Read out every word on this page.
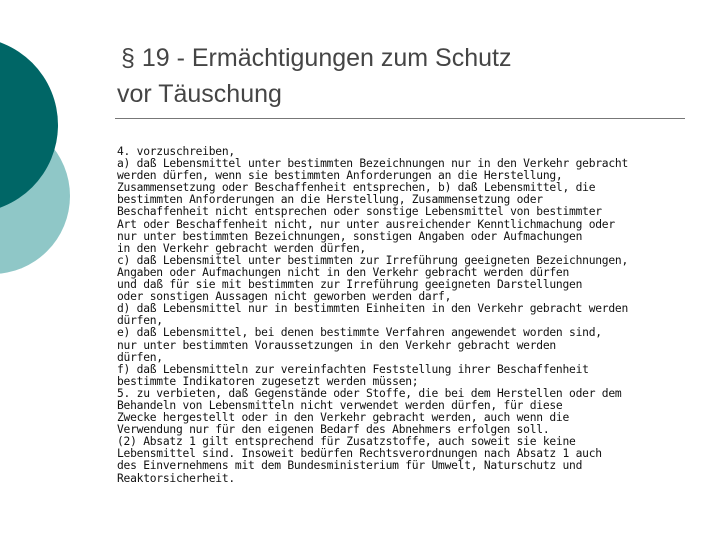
§ 19 - Ermächtigungen zum Schutz
vor Täuschung

4. vorzuschreiben,

a) daß Lebensmittel unter bestimmten Bezeichnungen nur in den Verkehr gebracht
werden dürfen, wenn sie bestimmten Anforderungen an die Herstellung,
Zusammensetzung oder Beschaffenheit entsprechen, b) daß Lebensmittel, die
bestimmten Anforderungen an die Herstellung, Zusammensetzung oder
Beschaffenheit nicht entsprechen oder sonstige Lebensmittel von bestimmter
Art oder Beschaffenheit nicht, nur unter ausreichender Kenntlichmachung oder
nur unter bestimmten Bezeichnungen, sonstigen Angaben oder Aufmachungen
in den Verkehr gebracht werden dürfen,

c) daß Lebensmittel unter bestimmten zur Irreführung geeigneten Bezeichnungen,
Angaben oder Aufmachungen nicht in den Verkehr gebracht werden dürfen
und daß für sie mit bestimmten zur Irreführung geeigneten Darstellungen
oder sonstigen Aussagen nicht geworben werden darf,

d) daß Lebensmittel nur in bestimmten Einheiten in den Verkehr gebracht werden
dürfen,

e) daß Lebensmittel, bei denen bestimmte Verfahren angewendet worden sind,
nur unter bestimmten Voraussetzungen in den Verkehr gebracht werden
dürfen,

f) daß Lebensmitteln zur vereinfachten Feststellung ihrer Beschaffenheit
bestimmte Indikatoren zugesetzt werden müssen;

5. zu verbieten, daß Gegenstände oder Stoffe, die bei dem Herstellen oder dem
Behandeln von Lebensmitteln nicht verwendet werden dürfen, für diese
Zwecke hergestellt oder in den Verkehr gebracht werden, auch wenn die
Verwendung nur für den eigenen Bedarf des Abnehmers erfolgen soll.

(2) Absatz 1 gilt entsprechend für Zusatzstoffe, auch soweit sie keine
Lebensmittel sind. Insoweit bedürfen Rechtsverordnungen nach Absatz 1 auch
des Einvernehmens mit dem Bundesministerium für Umwelt, Naturschutz und
Reaktorsicherheit.
